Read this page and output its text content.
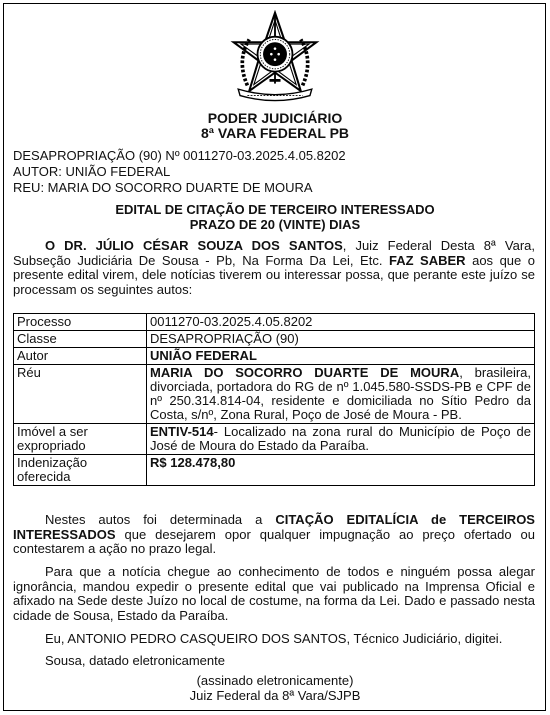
PODER JUDICIÁRIO
8ª VARA FEDERAL PB
DESAPROPRIAÇÃO (90) Nº 0011270-03.2025.4.05.8202
AUTOR: UNIÃO FEDERAL
REU: MARIA DO SOCORRO DUARTE DE MOURA
EDITAL DE CITAÇÃO DE TERCEIRO INTERESSADO
PRAZO DE 20 (VINTE) DIAS
O DR. JÚLIO CÉSAR SOUZA DOS SANTOS, Juiz Federal Desta 8ª Vara, Subseção Judiciária De Sousa - Pb, Na Forma Da Lei, Etc. FAZ SABER aos que o presente edital virem, dele notícias tiverem ou interessar possa, que perante este juízo se processam os seguintes autos:
Processo	0011270-03.2025.4.05.8202
Classe	DESAPROPRIAÇÃO (90)
Autor	UNIÃO FEDERAL
Réu	MARIA DO SOCORRO DUARTE DE MOURA, brasileira, divorciada, portadora do RG de nº 1.045.580-SSDS-PB e CPF de nº 250.314.814-04, residente e domiciliada no Sítio Pedro da Costa, s/nº, Zona Rural, Poço de José de Moura - PB.
Imóvel a ser expropriado	ENTIV-514- Localizado na zona rural do Município de Poço de José de Moura do Estado da Paraíba.
Indenização oferecida	R$ 128.478,80
Nestes autos foi determinada a CITAÇÃO EDITALÍCIA de TERCEIROS INTERESSADOS que desejarem opor qualquer impugnação ao preço ofertado ou contestarem a ação no prazo legal.
Para que a notícia chegue ao conhecimento de todos e ninguém possa alegar ignorância, mandou expedir o presente edital que vai publicado na Imprensa Oficial e afixado na Sede deste Juízo no local de costume, na forma da Lei. Dado e passado nesta cidade de Sousa, Estado da Paraíba.
Eu, ANTONIO PEDRO CASQUEIRO DOS SANTOS, Técnico Judiciário, digitei.
Sousa, datado eletronicamente
(assinado eletronicamente)
Juiz Federal da 8ª Vara/SJPB
